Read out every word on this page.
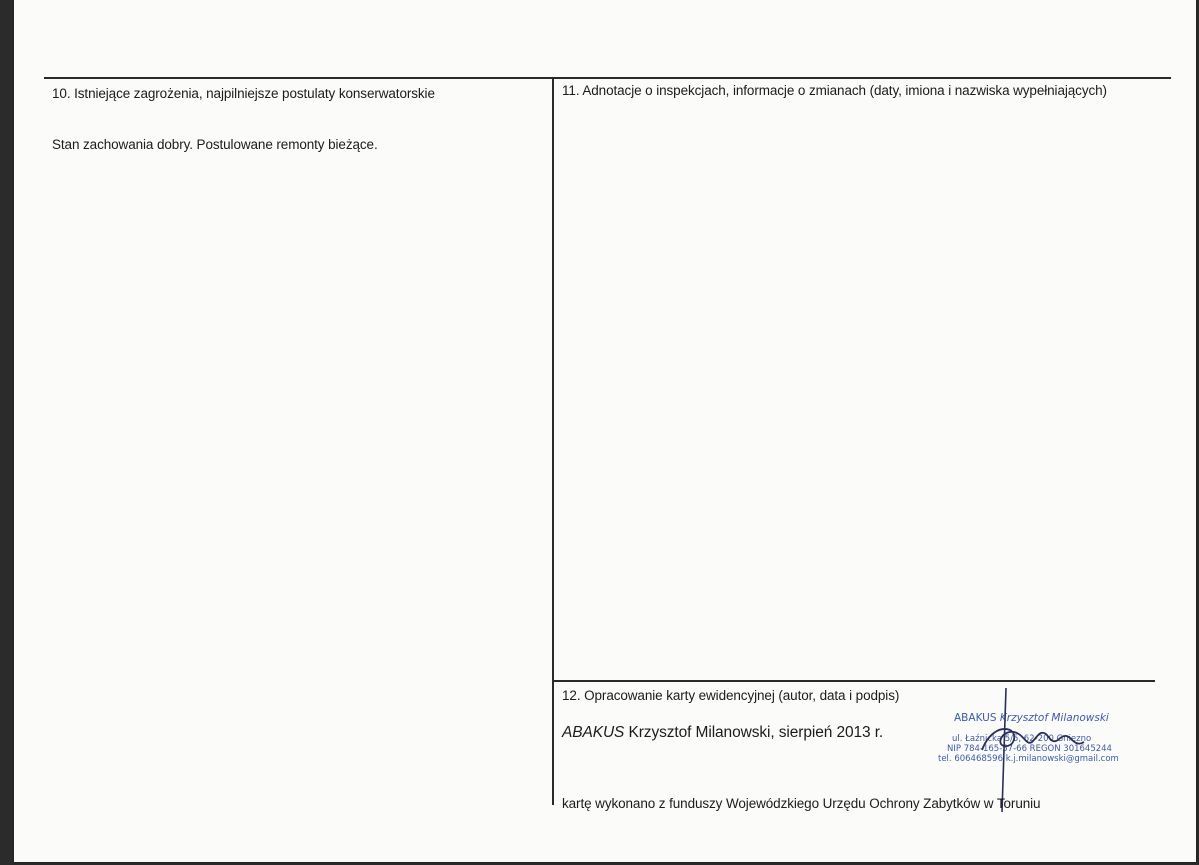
10. Istniejące zagrożenia, najpilniejsze postulaty konserwatorskie
Stan zachowania dobry. Postulowane remonty bieżące.
11. Adnotacje o inspekcjach, informacje o zmianach (daty, imiona i nazwiska wypełniających)
12. Opracowanie karty ewidencyjnej (autor, data i podpis)
ABAKUS Krzysztof Milanowski, sierpień 2013 r.
ABAKUS Krzysztof Milanowski
ul. Łaźnicka 5/5, 62-200 Gniezno
NIP 784-165-57-66 REGON 301645244
tel. 606468596 k.j.milanowski@gmail.com
kartę wykonano z funduszy Wojewódzkiego Urzędu Ochrony Zabytków w Toruniu
